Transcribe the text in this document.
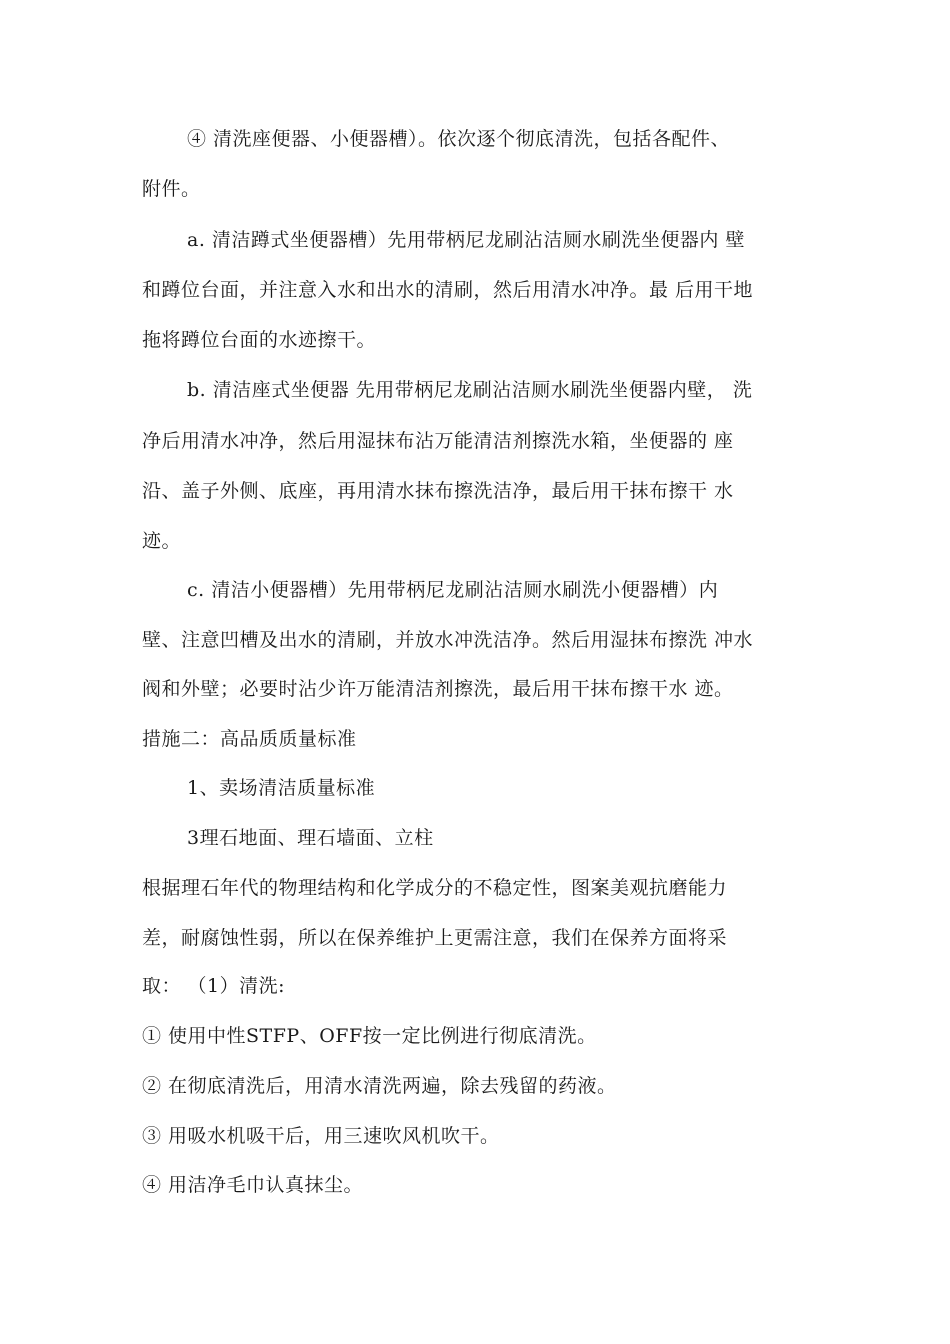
④ 清洗座便器、小便器槽）。依次逐个彻底清洗，包括各配件、
附件。
a. 清洁蹲式坐便器槽）先用带柄尼龙刷沾洁厕水刷洗坐便器内 壁
和蹲位台面，并注意入水和出水的清刷，然后用清水冲净。最 后用干地
拖将蹲位台面的水迹擦干。
b. 清洁座式坐便器 先用带柄尼龙刷沾洁厕水刷洗坐便器内壁， 洗
净后用清水冲净，然后用湿抹布沾万能清洁剂擦洗水箱，坐便器的 座
沿、盖子外侧、底座，再用清水抹布擦洗洁净，最后用干抹布擦干 水
迹。
c. 清洁小便器槽）先用带柄尼龙刷沾洁厕水刷洗小便器槽）内
壁、注意凹槽及出水的清刷，并放水冲洗洁净。然后用湿抹布擦洗 冲水
阀和外壁；必要时沾少许万能清洁剂擦洗，最后用干抹布擦干水 迹。
措施二：高品质质量标准
1、卖场清洁质量标准
3理石地面、理石墙面、立柱
根据理石年代的物理结构和化学成分的不稳定性，图案美观抗磨能力
差，耐腐蚀性弱，所以在保养维护上更需注意，我们在保养方面将采
取： （1）清洗:
① 使用中性STFP、OFF按一定比例进行彻底清洗。
② 在彻底清洗后，用清水清洗两遍，除去残留的药液。
③ 用吸水机吸干后，用三速吹风机吹干。
④ 用洁净毛巾认真抹尘。
